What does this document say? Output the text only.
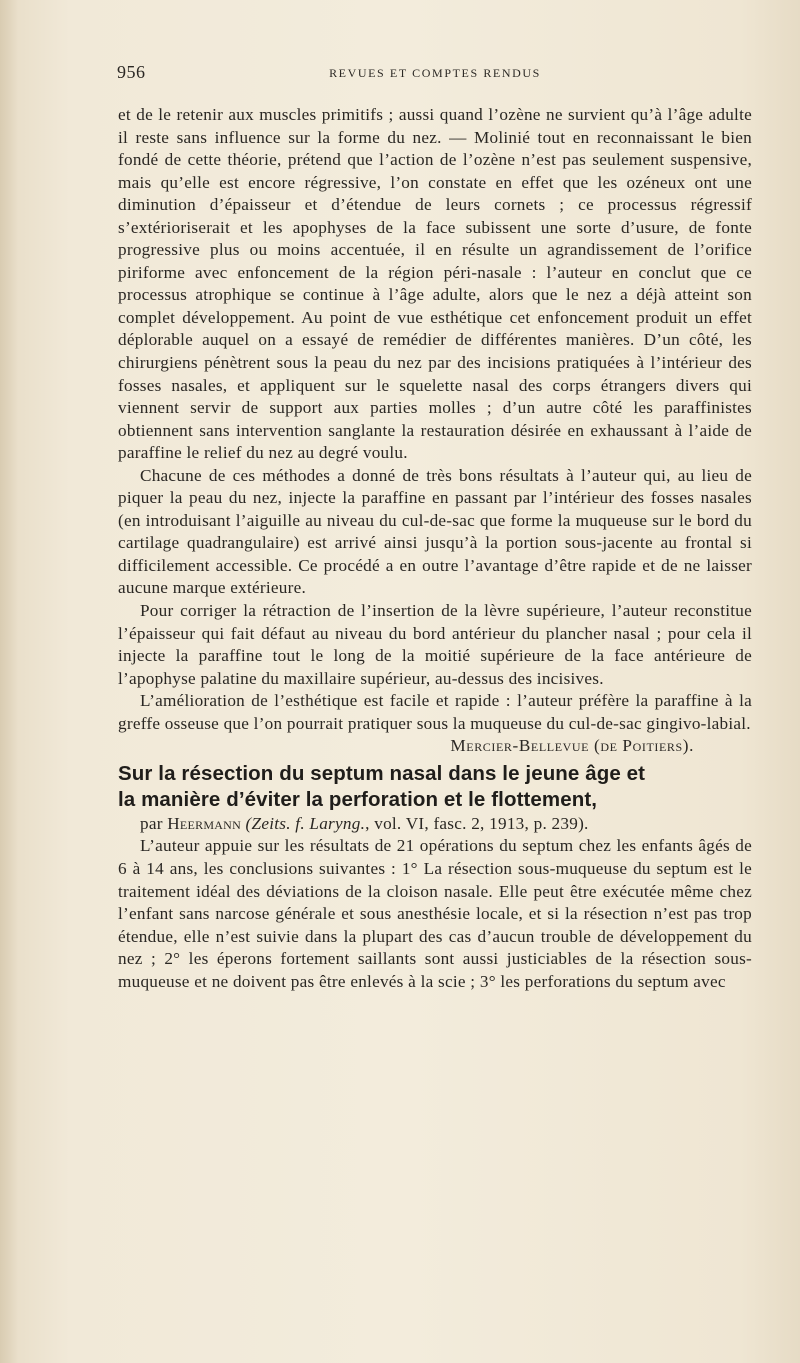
956	REVUES ET COMPTES RENDUS

et de le retenir aux muscles primitifs ; aussi quand l’ozène ne survient qu’à l’âge adulte il reste sans influence sur la forme du nez. — Molinié tout en reconnaissant le bien fondé de cette théorie, prétend que l’action de l’ozène n’est pas seulement suspensive, mais qu’elle est encore régressive, l’on constate en effet que les ozéneux ont une diminution d’épaisseur et d’étendue de leurs cornets ; ce processus régressif s’extérioriserait et les apophyses de la face subissent une sorte d’usure, de fonte progressive plus ou moins accentuée, il en résulte un agrandissement de l’orifice piriforme avec enfoncement de la région péri-nasale : l’auteur en conclut que ce processus atrophique se continue à l’âge adulte, alors que le nez a déjà atteint son complet développement. Au point de vue esthétique cet enfoncement produit un effet déplorable auquel on a essayé de remédier de différentes manières. D’un côté, les chirurgiens pénètrent sous la peau du nez par des incisions pratiquées à l’intérieur des fosses nasales, et appliquent sur le squelette nasal des corps étrangers divers qui viennent servir de support aux parties molles ; d’un autre côté les paraffinistes obtiennent sans intervention sanglante la restauration désirée en exhaussant à l’aide de paraffine le relief du nez au degré voulu.

Chacune de ces méthodes a donné de très bons résultats à l’auteur qui, au lieu de piquer la peau du nez, injecte la paraffine en passant par l’intérieur des fosses nasales (en introduisant l’aiguille au niveau du cul-de-sac que forme la muqueuse sur le bord du cartilage quadrangulaire) est arrivé ainsi jusqu’à la portion sous-jacente au frontal si difficilement accessible. Ce procédé a en outre l’avantage d’être rapide et de ne laisser aucune marque extérieure.

Pour corriger la rétraction de l’insertion de la lèvre supérieure, l’auteur reconstitue l’épaisseur qui fait défaut au niveau du bord antérieur du plancher nasal ; pour cela il injecte la paraffine tout le long de la moitié supérieure de la face antérieure de l’apophyse palatine du maxillaire supérieur, au-dessus des incisives.

L’amélioration de l’esthétique est facile et rapide : l’auteur préfère la paraffine à la greffe osseuse que l’on pourrait pratiquer sous la muqueuse du cul-de-sac gingivo-labial.

Mercier-Bellevue (de Poitiers).

Sur la résection du septum nasal dans le jeune âge et
la manière d’éviter la perforation et le flottement,

par Heermann (Zeits. f. Laryng., vol. VI, fasc. 2, 1913, p. 239).

L’auteur appuie sur les résultats de 21 opérations du septum chez les enfants âgés de 6 à 14 ans, les conclusions suivantes : 1° La résection sous-muqueuse du septum est le traitement idéal des déviations de la cloison nasale. Elle peut être exécutée même chez l’enfant sans narcose générale et sous anesthésie locale, et si la résection n’est pas trop étendue, elle n’est suivie dans la plupart des cas d’aucun trouble de développement du nez ; 2° les éperons fortement saillants sont aussi justiciables de la résection sous-muqueuse et ne doivent pas être enlevés à la scie ; 3° les perforations du septum avec
